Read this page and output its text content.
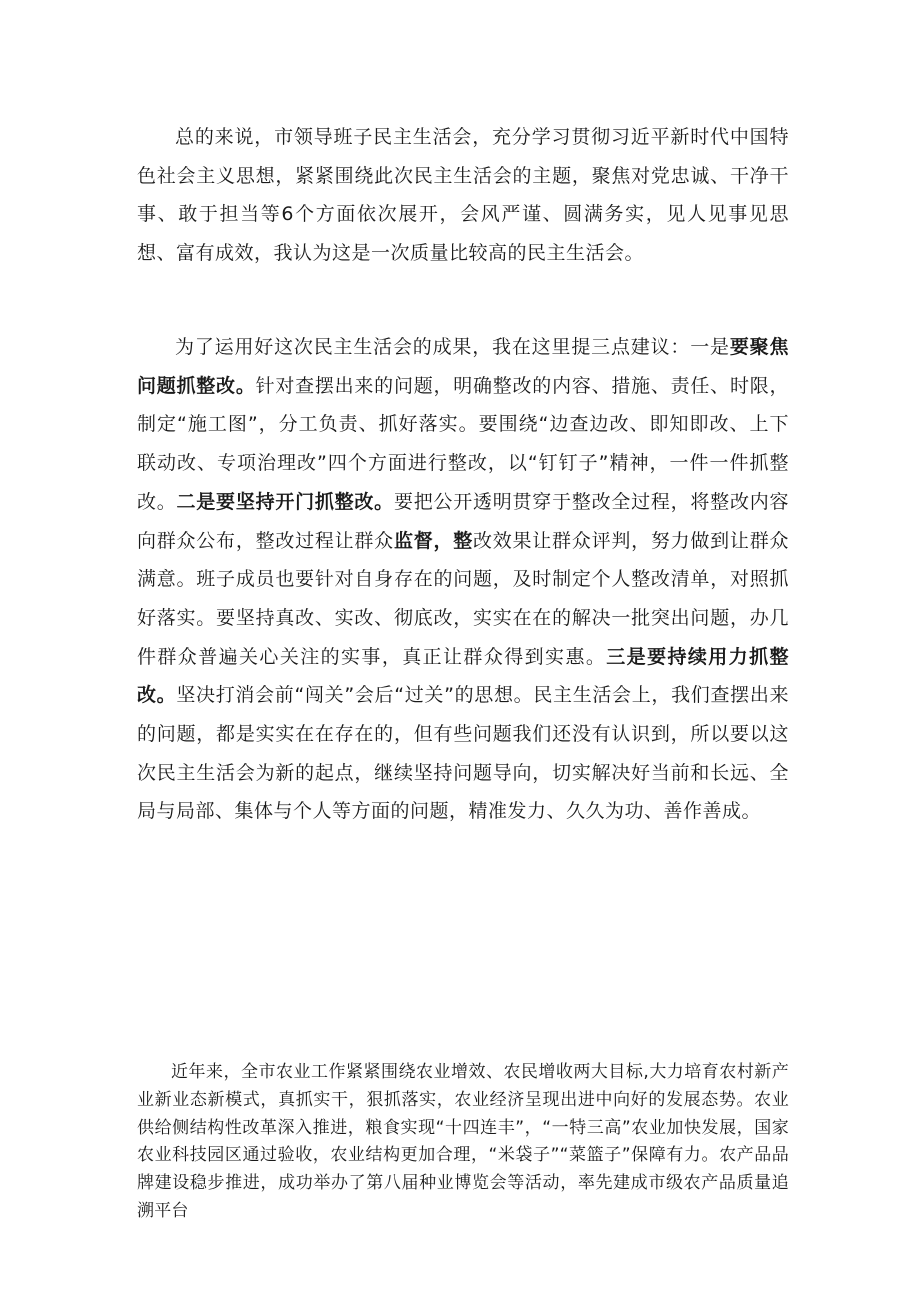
总的来说，市领导班子民主生活会，充分学习贯彻习近平新时代中国特色社会主义思想，紧紧围绕此次民主生活会的主题，聚焦对党忠诚、干净干事、敢于担当等6个方面依次展开，会风严谨、圆满务实，见人见事见思想、富有成效，我认为这是一次质量比较高的民主生活会。

为了运用好这次民主生活会的成果，我在这里提三点建议：一是要聚焦问题抓整改。针对查摆出来的问题，明确整改的内容、措施、责任、时限，制定“施工图”，分工负责、抓好落实。要围绕“边查边改、即知即改、上下联动改、专项治理改”四个方面进行整改，以“钉钉子”精神，一件一件抓整改。二是要坚持开门抓整改。要把公开透明贯穿于整改全过程，将整改内容向群众公布，整改过程让群众监督，整改效果让群众评判，努力做到让群众满意。班子成员也要针对自身存在的问题，及时制定个人整改清单，对照抓好落实。要坚持真改、实改、彻底改，实实在在的解决一批突出问题，办几件群众普遍关心关注的实事，真正让群众得到实惠。三是要持续用力抓整改。坚决打消会前“闯关”会后“过关”的思想。民主生活会上，我们查摆出来的问题，都是实实在在存在的，但有些问题我们还没有认识到，所以要以这次民主生活会为新的起点，继续坚持问题导向，切实解决好当前和长远、全局与局部、集体与个人等方面的问题，精准发力、久久为功、善作善成。

近年来，全市农业工作紧紧围绕农业增效、农民增收两大目标,大力培育农村新产业新业态新模式，真抓实干，狠抓落实，农业经济呈现出进中向好的发展态势。农业供给侧结构性改革深入推进，粮食实现“十四连丰”，“一特三高”农业加快发展，国家农业科技园区通过验收，农业结构更加合理，“米袋子”“菜篮子”保障有力。农产品品牌建设稳步推进，成功举办了第八届种业博览会等活动，率先建成市级农产品质量追溯平台
